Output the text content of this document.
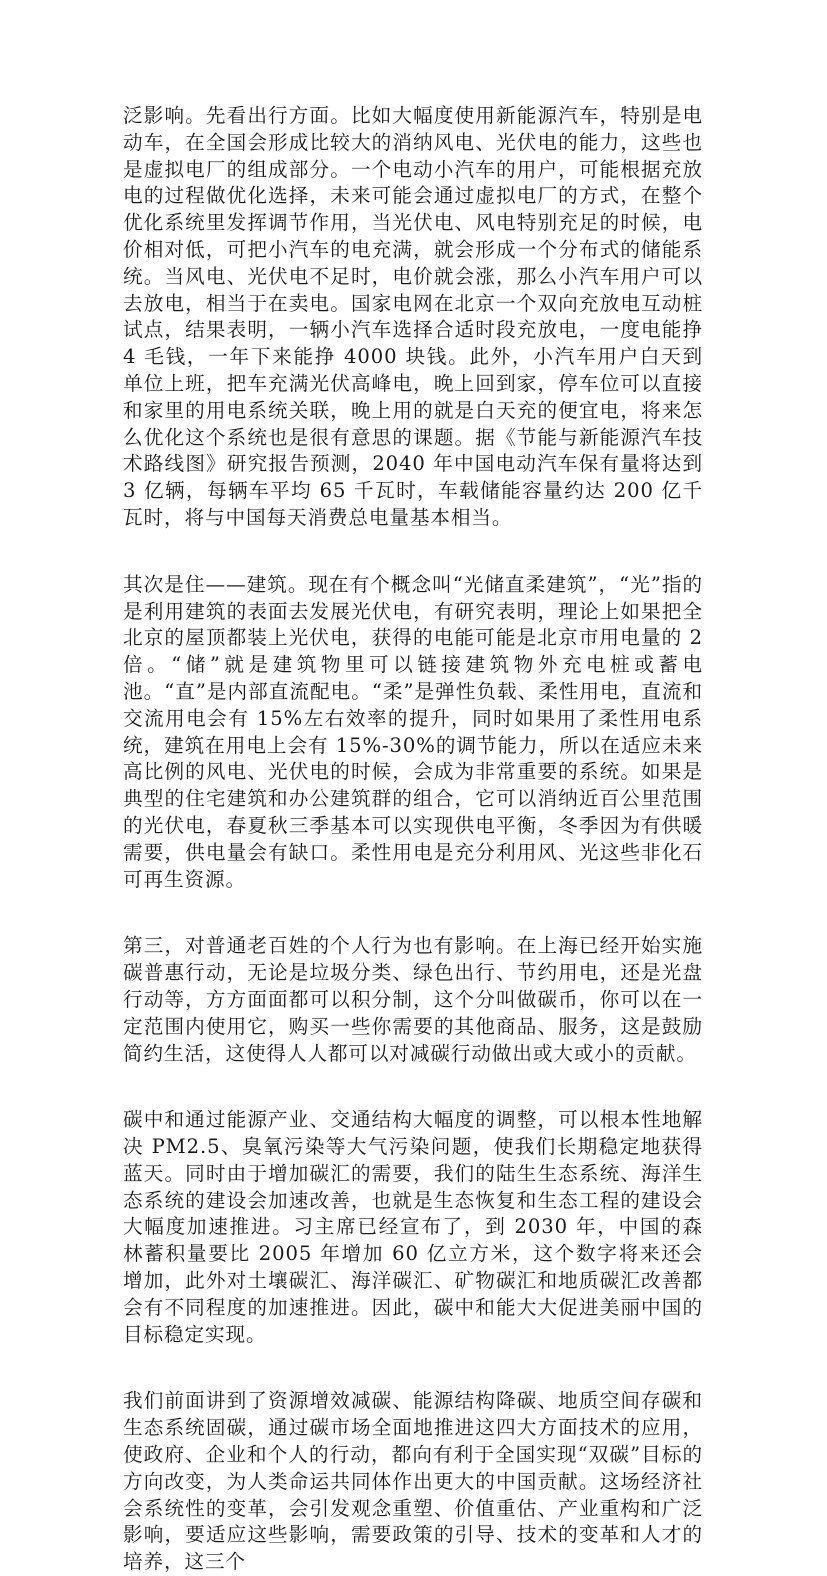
泛影响。先看出行方面。比如大幅度使用新能源汽车，特别是电动车，在全国会形成比较大的消纳风电、光伏电的能力，这些也是虚拟电厂的组成部分。一个电动小汽车的用户，可能根据充放电的过程做优化选择，未来可能会通过虚拟电厂的方式，在整个优化系统里发挥调节作用，当光伏电、风电特别充足的时候，电价相对低，可把小汽车的电充满，就会形成一个分布式的储能系统。当风电、光伏电不足时，电价就会涨，那么小汽车用户可以去放电，相当于在卖电。国家电网在北京一个双向充放电互动桩试点，结果表明，一辆小汽车选择合适时段充放电，一度电能挣 4 毛钱，一年下来能挣 4000 块钱。此外，小汽车用户白天到单位上班，把车充满光伏高峰电，晚上回到家，停车位可以直接和家里的用电系统关联，晚上用的就是白天充的便宜电，将来怎么优化这个系统也是很有意思的课题。据《节能与新能源汽车技术路线图》研究报告预测，2040 年中国电动汽车保有量将达到 3 亿辆，每辆车平均 65 千瓦时，车载储能容量约达 200 亿千瓦时，将与中国每天消费总电量基本相当。

其次是住——建筑。现在有个概念叫“光储直柔建筑”，“光”指的是利用建筑的表面去发展光伏电，有研究表明，理论上如果把全北京的屋顶都装上光伏电，获得的电能可能是北京市用电量的 2 倍。“储”就是建筑物里可以链接建筑物外充电桩或蓄电池。“直”是内部直流配电。“柔”是弹性负载、柔性用电，直流和交流用电会有 15%左右效率的提升，同时如果用了柔性用电系统，建筑在用电上会有 15%-30%的调节能力，所以在适应未来高比例的风电、光伏电的时候，会成为非常重要的系统。如果是典型的住宅建筑和办公建筑群的组合，它可以消纳近百公里范围的光伏电，春夏秋三季基本可以实现供电平衡，冬季因为有供暖需要，供电量会有缺口。柔性用电是充分利用风、光这些非化石可再生资源。

第三，对普通老百姓的个人行为也有影响。在上海已经开始实施碳普惠行动，无论是垃圾分类、绿色出行、节约用电，还是光盘行动等，方方面面都可以积分制，这个分叫做碳币，你可以在一定范围内使用它，购买一些你需要的其他商品、服务，这是鼓励简约生活，这使得人人都可以对减碳行动做出或大或小的贡献。

碳中和通过能源产业、交通结构大幅度的调整，可以根本性地解决 PM2.5、臭氧污染等大气污染问题，使我们长期稳定地获得蓝天。同时由于增加碳汇的需要，我们的陆生生态系统、海洋生态系统的建设会加速改善，也就是生态恢复和生态工程的建设会大幅度加速推进。习主席已经宣布了，到 2030 年，中国的森林蓄积量要比 2005 年增加 60 亿立方米，这个数字将来还会增加，此外对土壤碳汇、海洋碳汇、矿物碳汇和地质碳汇改善都会有不同程度的加速推进。因此，碳中和能大大促进美丽中国的目标稳定实现。

我们前面讲到了资源增效减碳、能源结构降碳、地质空间存碳和生态系统固碳，通过碳市场全面地推进这四大方面技术的应用，使政府、企业和个人的行动，都向有利于全国实现“双碳”目标的方向改变，为人类命运共同体作出更大的中国贡献。这场经济社会系统性的变革，会引发观念重塑、价值重估、产业重构和广泛影响，要适应这些影响，需要政策的引导、技术的变革和人才的培养，这三个
